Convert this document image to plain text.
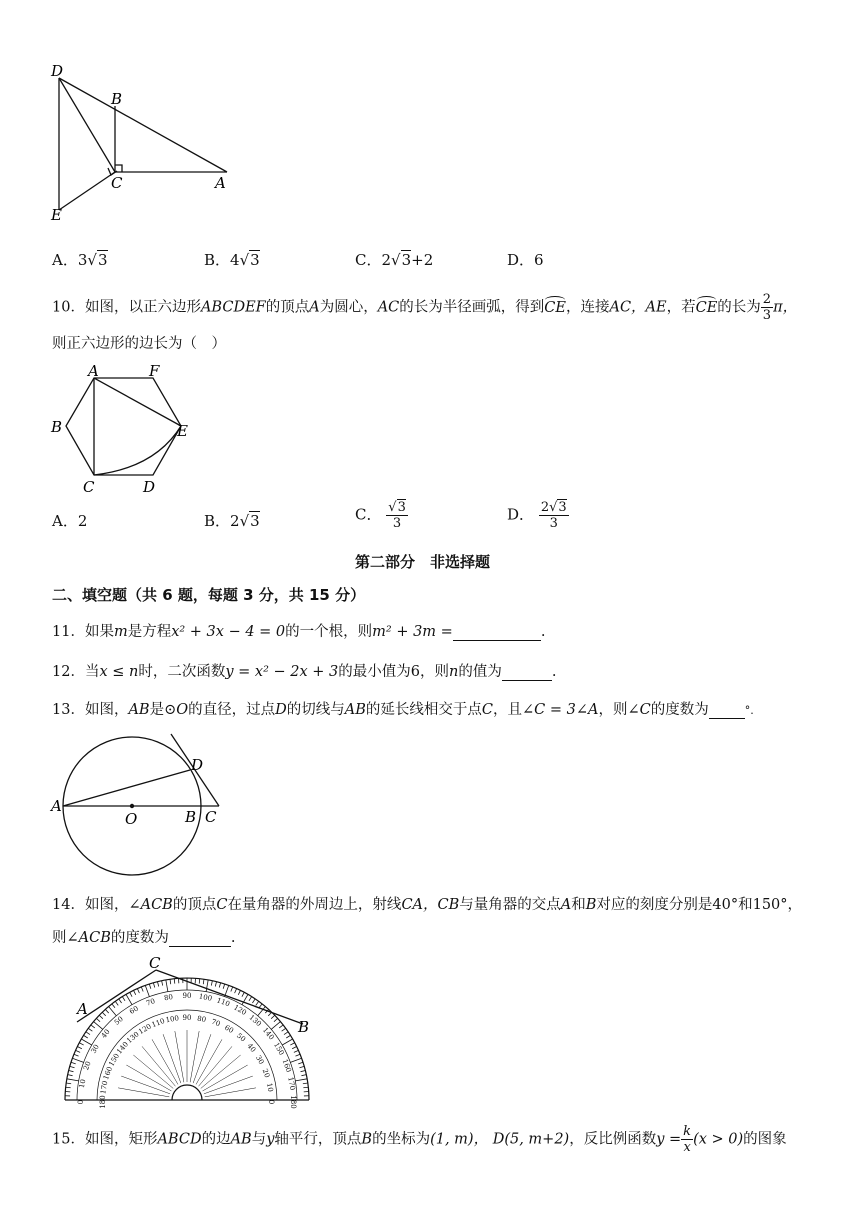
D
B
C	A
E
A．3√3	B．4√3	C．2√3+2	D．6
10．如图，以正六边形ABCDEF的顶点A为圆心，AC的长为半径画弧，得到CE，连接AC，AE，若CE的长为 $\frac{2}{3}$ π，
则正六边形的边长为（　）
A	F
B	E
C	D
A．2	B．2√3	C． $\frac{√3}{3}$	D． $\frac{2√3}{3}$
第二部分　非选择题
二、填空题（共 6 题，每题 3 分，共 15 分）
11．如果m是方程x² + 3x − 4 = 0的一个根，则m² + 3m =	.
12．当x ≤ n时，二次函数y = x² − 2x + 3的最小值为6，则n的值为	.
13．如图，AB是⊙O的直径，过点D的切线与AB的延长线相交于点C，且∠C = 3∠A，则∠C的度数为	°.
D
A
O	B C
14．如图，∠ACB的顶点C在量角器的外周边上，射线CA，CB与量角器的交点A和B对应的刻度分别是40°和150°，
则∠ACB的度数为	.
180
0
170
10
160
20
150
30
140
40
130
50
120
60
110
70
100
80
90
90
80
100
70
110
60
120
50
130
40
140
30
150
20 160
10 170
0 180
A
B
C
15．如图，矩形ABCD的边AB与y轴平行，顶点B的坐标为(1, m)， D(5, m+2)，反比例函数$y = \frac{k}{x} (x > 0)$的图象
